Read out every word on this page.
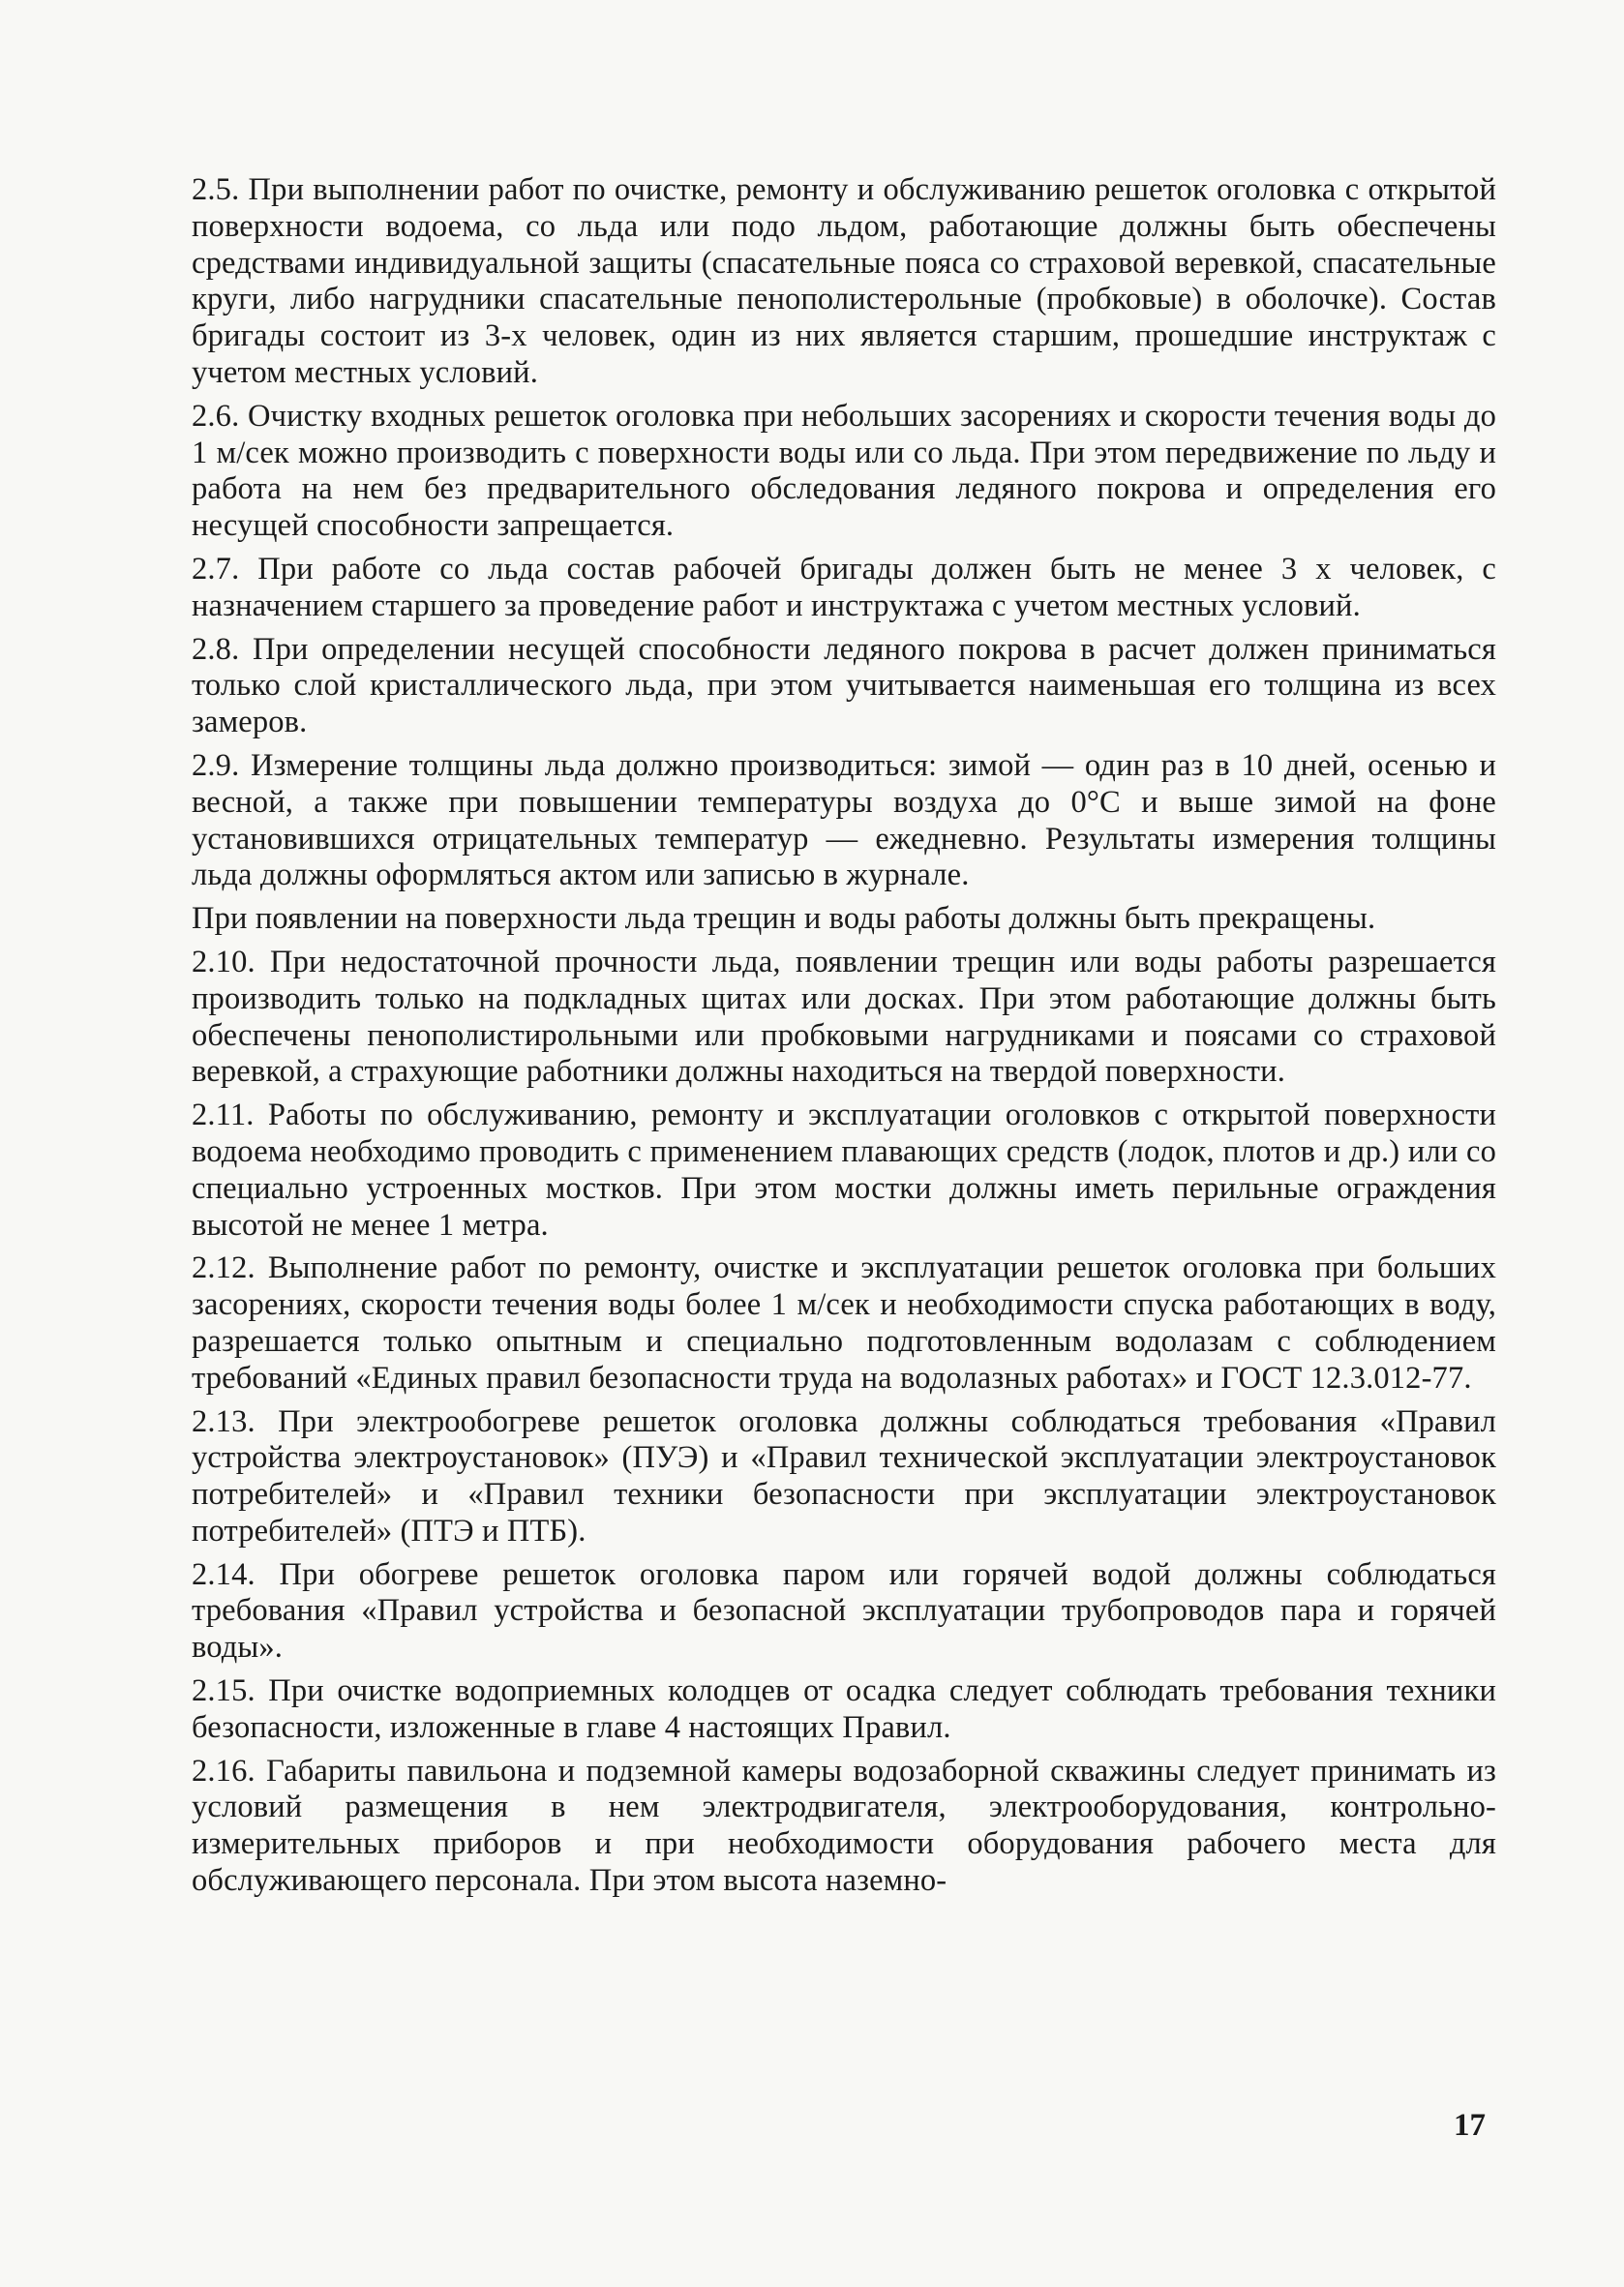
2.5. При выполнении работ по очистке, ремонту и обслуживанию решеток оголовка с открытой поверхности водоема, со льда или подо льдом, работающие должны быть обеспечены средствами индивидуальной защиты (спасательные пояса со страховой веревкой, спасательные круги, либо нагрудники спасательные пенополистерольные (пробковые) в оболочке). Состав бригады состоит из 3-х человек, один из них является старшим, прошедшие инструктаж с учетом местных условий.

2.6. Очистку входных решеток оголовка при небольших засорениях и скорости течения воды до 1 м/сек можно производить с поверхности воды или со льда. При этом передвижение по льду и работа на нем без предварительного обследования ледяного покрова и определения его несущей способности запрещается.

2.7. При работе со льда состав рабочей бригады должен быть не менее 3 х человек, с назначением старшего за проведение работ и инструктажа с учетом местных условий.

2.8. При определении несущей способности ледяного покрова в расчет должен приниматься только слой кристаллического льда, при этом учитывается наименьшая его толщина из всех замеров.

2.9. Измерение толщины льда должно производиться: зимой — один раз в 10 дней, осенью и весной, а также при повышении температуры воздуха до 0°С и выше зимой на фоне установившихся отрицательных температур — ежедневно. Результаты измерения толщины льда должны оформляться актом или записью в журнале.

При появлении на поверхности льда трещин и воды работы должны быть прекращены.

2.10. При недостаточной прочности льда, появлении трещин или воды работы разрешается производить только на подкладных щитах или досках. При этом работающие должны быть обеспечены пенополистирольными или пробковыми нагрудниками и поясами со страховой веревкой, а страхующие работники должны находиться на твердой поверхности.

2.11. Работы по обслуживанию, ремонту и эксплуатации оголовков с открытой поверхности водоема необходимо проводить с применением плавающих средств (лодок, плотов и др.) или со специально устроенных мостков. При этом мостки должны иметь перильные ограждения высотой не менее 1 метра.

2.12. Выполнение работ по ремонту, очистке и эксплуатации решеток оголовка при больших засорениях, скорости течения воды более 1 м/сек и необходимости спуска работающих в воду, разрешается только опытным и специально подготовленным водолазам с соблюдением требований «Единых правил безопасности труда на водолазных работах» и ГОСТ 12.3.012-77.

2.13. При электрообогреве решеток оголовка должны соблюдаться требования «Правил устройства электроустановок» (ПУЭ) и «Правил технической эксплуатации электроустановок потребителей» и «Правил техники безопасности при эксплуатации электроустановок потребителей» (ПТЭ и ПТБ).

2.14. При обогреве решеток оголовка паром или горячей водой должны соблюдаться требования «Правил устройства и безопасной эксплуатации трубопроводов пара и горячей воды».

2.15. При очистке водоприемных колодцев от осадка следует соблюдать требования техники безопасности, изложенные в главе 4 настоящих Правил.

2.16. Габариты павильона и подземной камеры водозаборной скважины следует принимать из условий размещения в нем электродвигателя, электрооборудования, контрольно-измерительных приборов и при необходимости оборудования рабочего места для обслуживающего персонала. При этом высота наземно-

17
